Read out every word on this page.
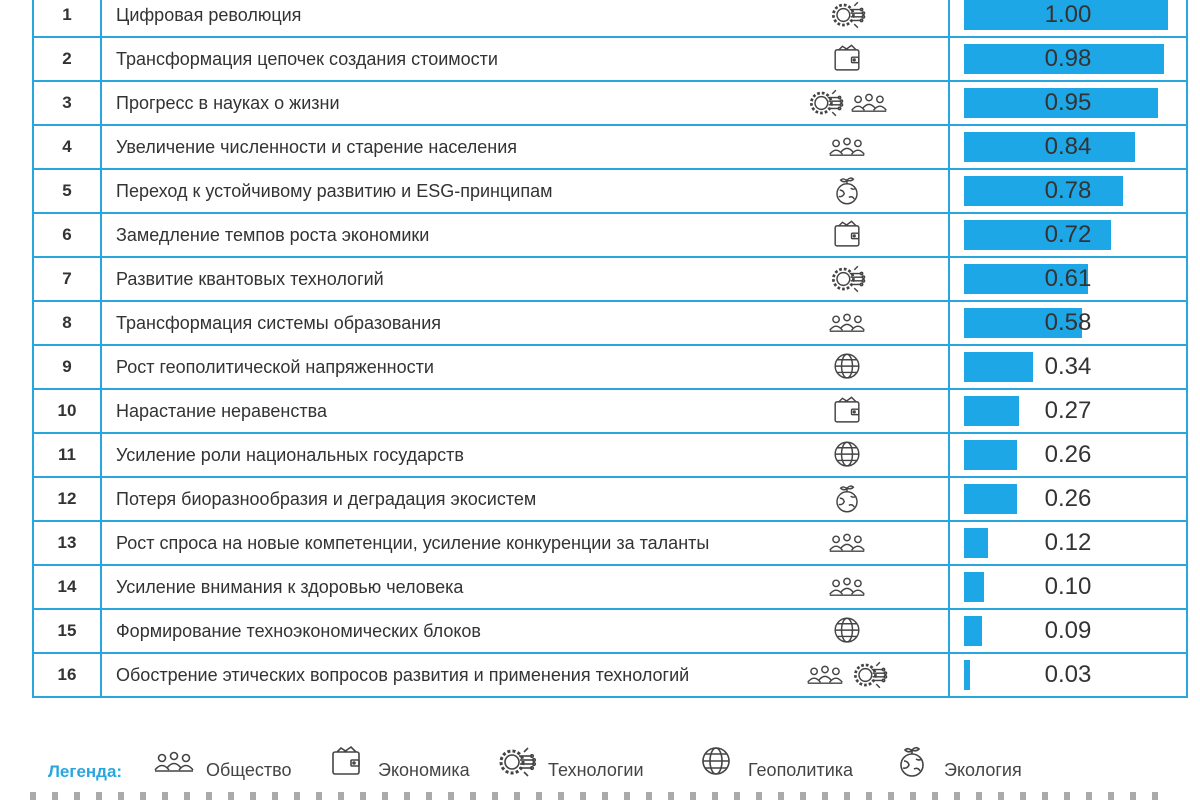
1	Цифровая революция	1.00

2	Трансформация цепочек создания стоимости	0.98

3	Прогресс в науках о жизни	0.95

4	Увеличение численности и старение населения	0.84

5	Переход к устойчивому развитию и ESG-принципам	0.78

6	Замедление темпов роста экономики	0.72

7	Развитие квантовых технологий	0.61

8	Трансформация системы образования	0.58

9	Рост геополитической напряженности	0.34

10	Нарастание неравенства	0.27

11	Усиление роли национальных государств	0.26

12	Потеря биоразнообразия и деградация экосистем	0.26

13	Рост спроса на новые компетенции, усиление конкуренции за таланты	0.12

14	Усиление внимания к здоровью человека	0.10

15	Формирование техноэкономических блоков	0.09

16	Обострение этических вопросов развития и применения технологий	0.03
Легенда:	Общество	Экономика	Технологии	Геополитика	Экология
